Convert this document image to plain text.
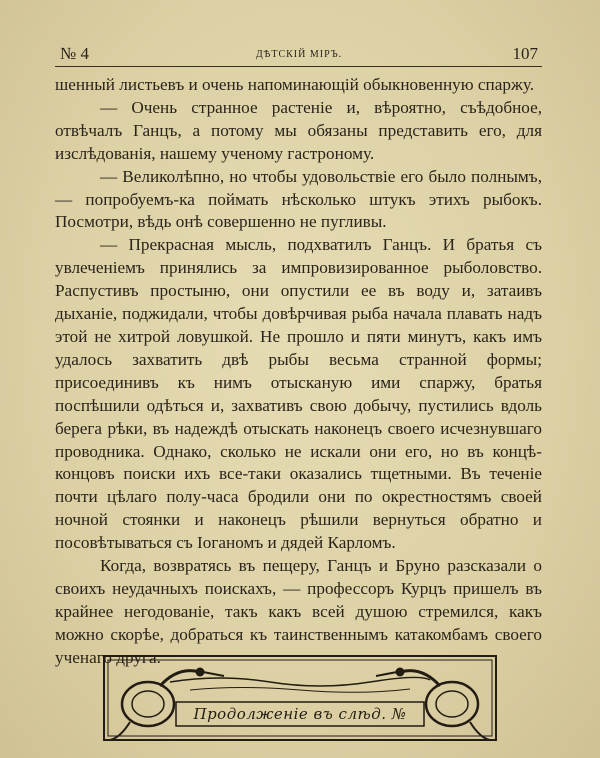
№ 4	ДѢТСКІЙ МІРЪ.	107

шенный листьевъ и очень напоминающій обыкновенную спаржу.

— Очень странное растеніе и, вѣроятно, съѣдобное, отвѣчалъ Ганцъ, а потому мы обязаны представить его, для изслѣдованія, нашему ученому гастроному.

— Великолѣпно, но чтобы удовольствіе его было полнымъ, — попробуемъ-ка поймать нѣсколько штукъ этихъ рыбокъ. Посмотри, вѣдь онѣ совершенно не пугливы.

— Прекрасная мысль, подхватилъ Ганцъ. И братья съ увлеченіемъ принялись за импровизированное рыболовство. Распустивъ простыню, они опустили ее въ воду и, затаивъ дыханіе, поджидали, чтобы довѣрчивая рыба начала плавать надъ этой не хитрой ловушкой. Не прошло и пяти минутъ, какъ имъ удалось захватить двѣ рыбы весьма странной формы; присоединивъ къ нимъ отысканую ими спаржу, братья поспѣшили одѣться и, захвативъ свою добычу, пустились вдоль берега рѣки, въ надеждѣ отыскать наконецъ своего исчезнувшаго проводника. Однако, сколько не искали они его, но въ концѣ-концовъ поиски ихъ все-таки оказались тщетными. Въ теченіе почти цѣлаго полу-часа бродили они по окрестностямъ своей ночной стоянки и наконецъ рѣшили вернуться обратно и посовѣтываться съ Іоганомъ и дядей Карломъ.

Когда, возвратясь въ пещеру, Ганцъ и Бруно разсказали о своихъ неудачныхъ поискахъ, — профессоръ Курцъ пришелъ въ крайнее негодованіе, такъ какъ всей душою стремился, какъ можно скорѣе, добраться къ таинственнымъ катакомбамъ своего ученаго друга.

Продолженіе въ слѣд. №
